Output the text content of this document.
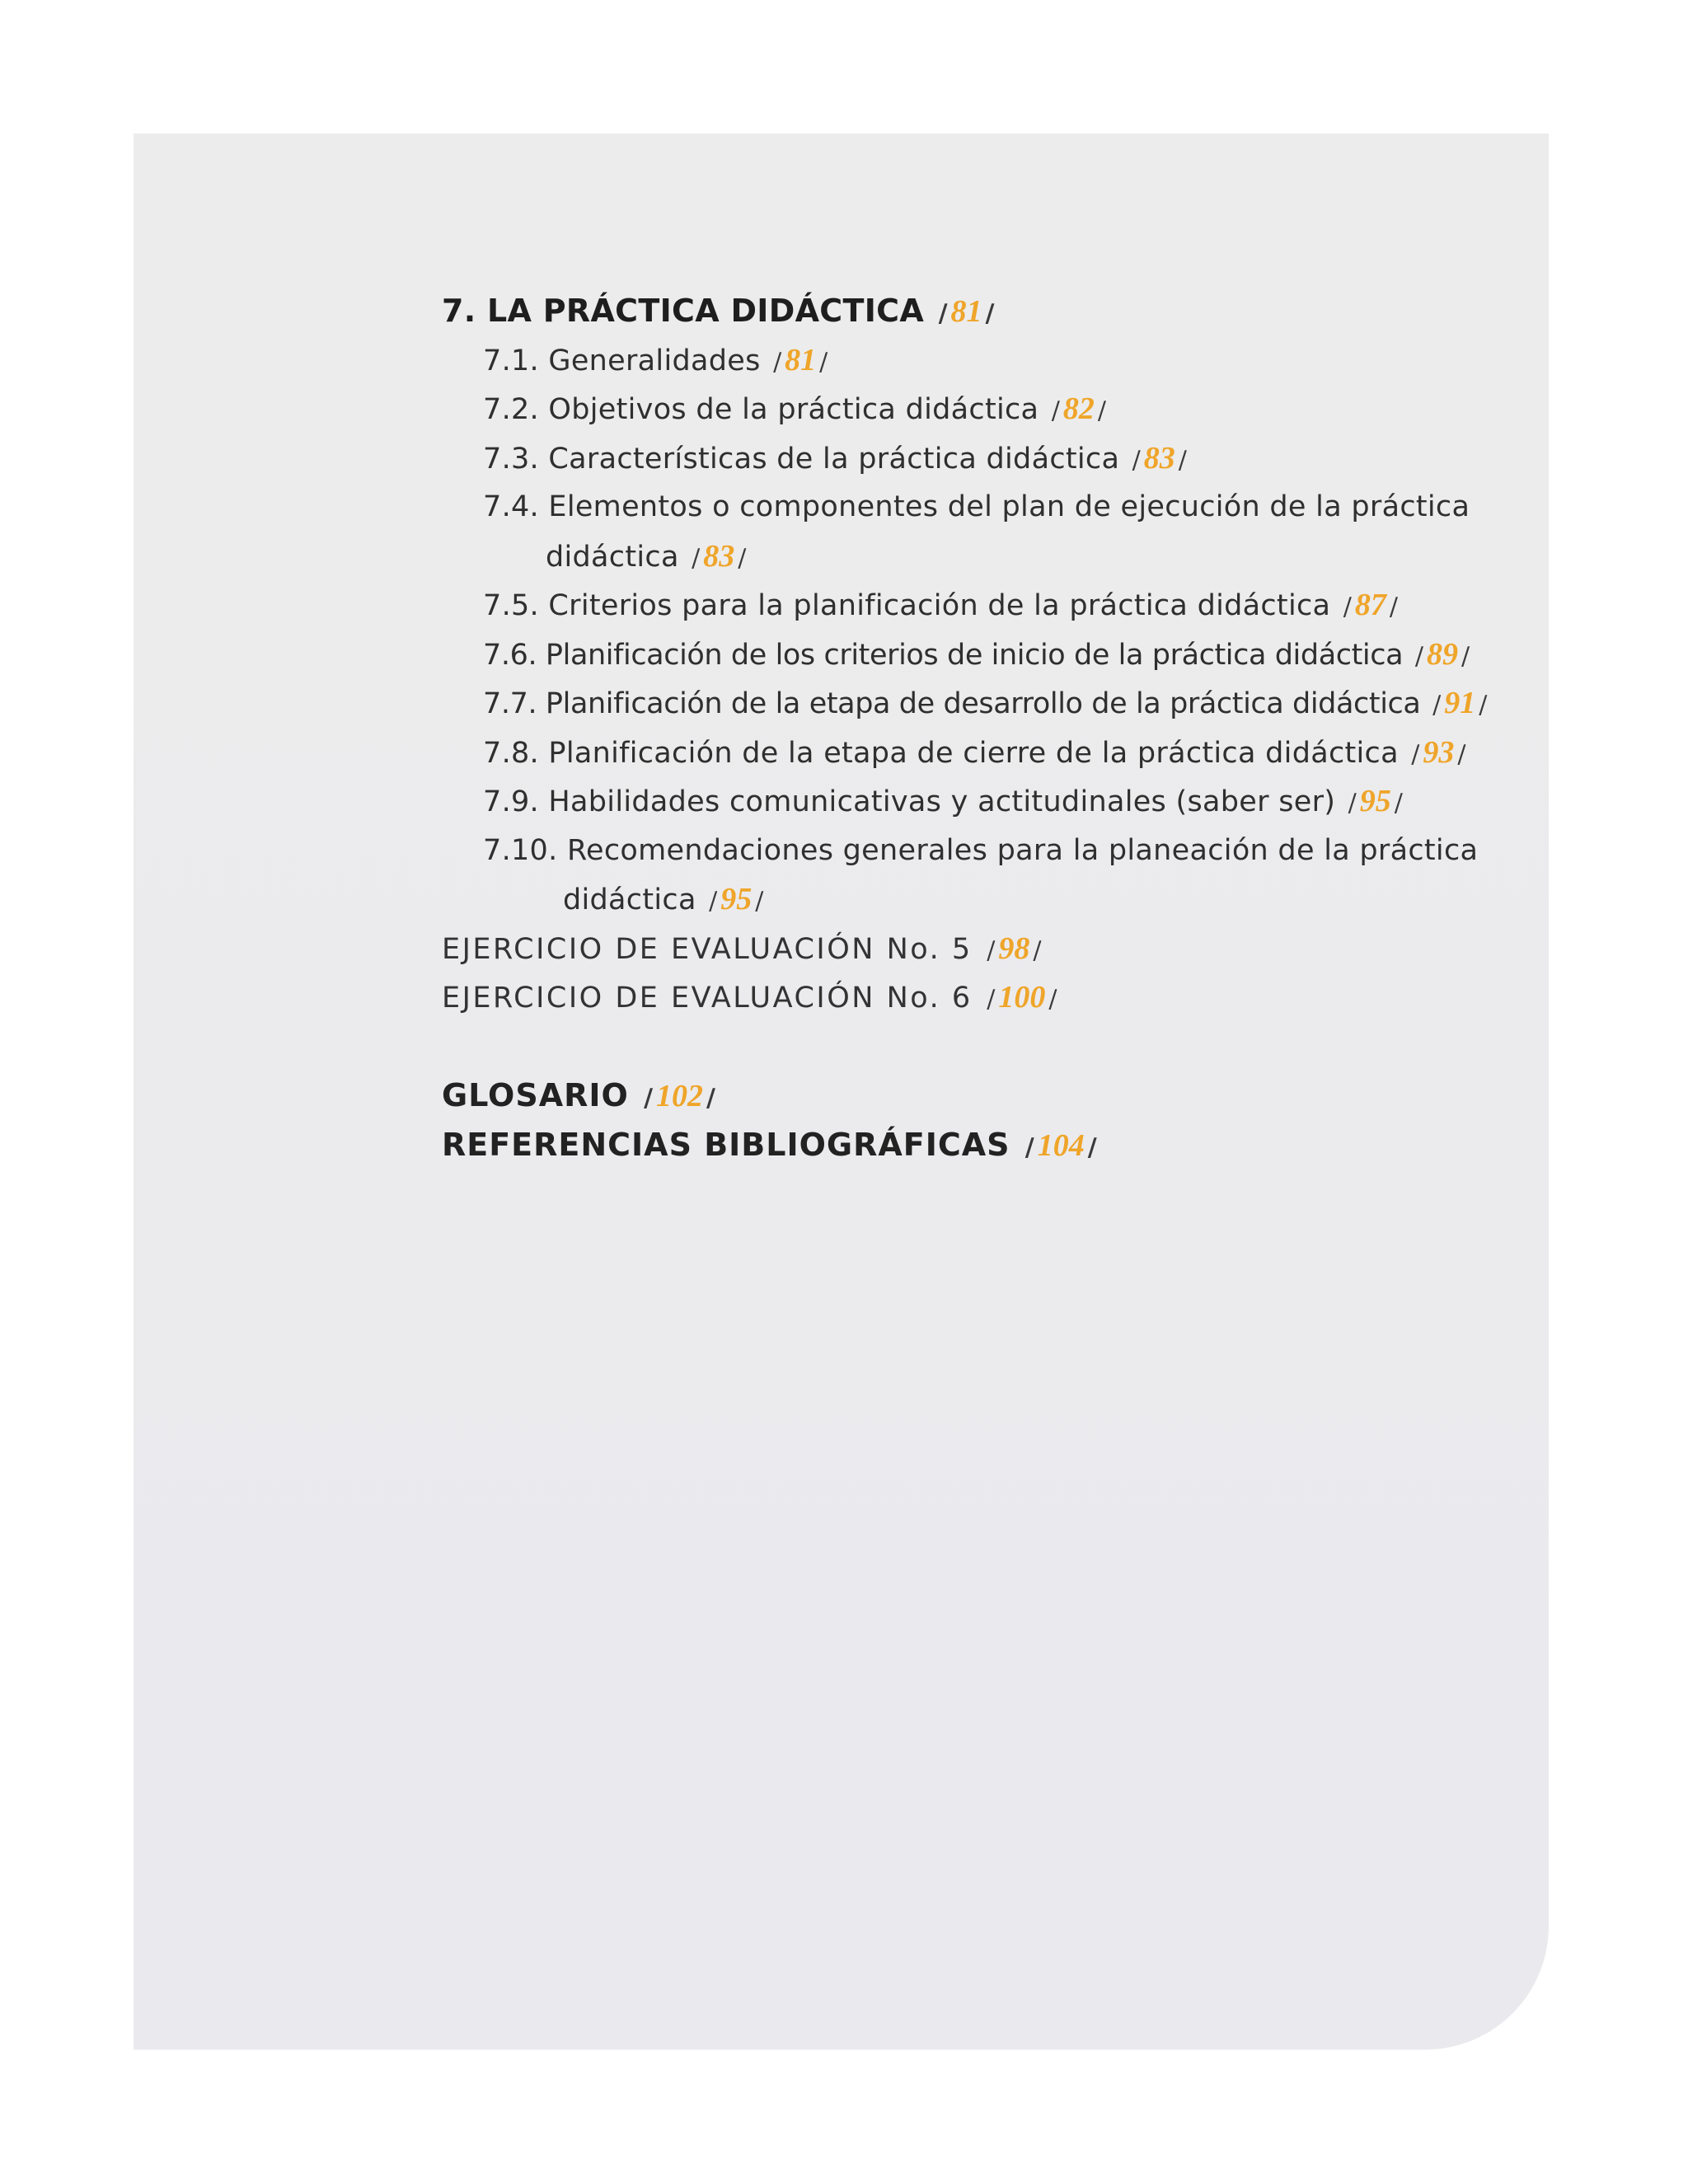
7. LA PRÁCTICA DIDÁCTICA / 81 /
7.1. Generalidades / 81 /
7.2. Objetivos de la práctica didáctica / 82 /
7.3. Características de la práctica didáctica / 83 /
7.4. Elementos o componentes del plan de ejecución de la práctica
didáctica / 83 /
7.5. Criterios para la planificación de la práctica didáctica / 87 /
7.6. Planificación de los criterios de inicio de la práctica didáctica / 89 /
7.7. Planificación de la etapa de desarrollo de la práctica didáctica / 91 /
7.8. Planificación de la etapa de cierre de la práctica didáctica / 93 /
7.9. Habilidades comunicativas y actitudinales (saber ser) / 95 /
7.10. Recomendaciones generales para la planeación de la práctica
didáctica / 95 /
EJERCICIO DE EVALUACIÓN No. 5 / 98 /
EJERCICIO DE EVALUACIÓN No. 6 / 100 /
GLOSARIO / 102 /
REFERENCIAS BIBLIOGRÁFICAS / 104 /
